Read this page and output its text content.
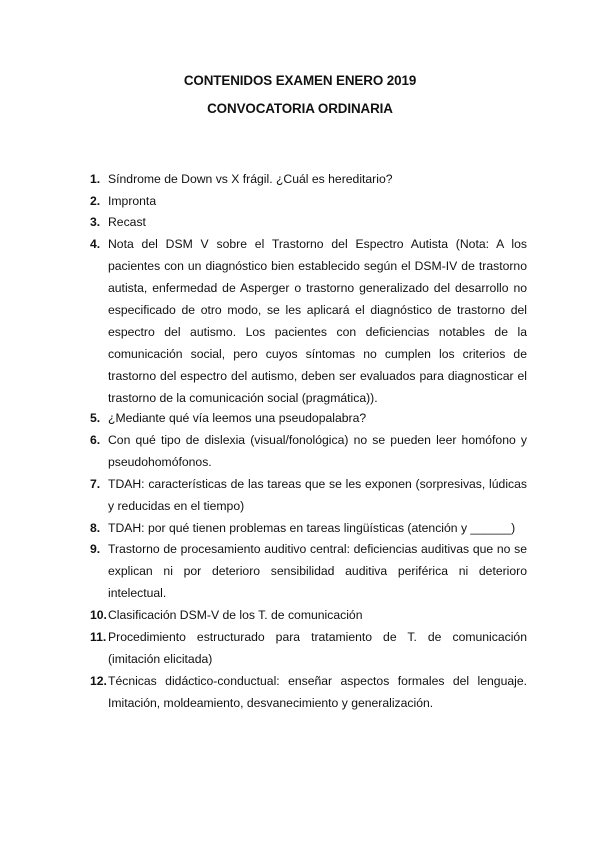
CONTENIDOS EXAMEN ENERO 2019
CONVOCATORIA ORDINARIA
1. Síndrome de Down vs X frágil. ¿Cuál es hereditario?
2. Impronta
3. Recast
4. Nota del DSM V sobre el Trastorno del Espectro Autista (Nota: A los pacientes con un diagnóstico bien establecido según el DSM-IV de trastorno autista, enfermedad de Asperger o trastorno generalizado del desarrollo no especificado de otro modo, se les aplicará el diagnóstico de trastorno del espectro del autismo. Los pacientes con deficiencias notables de la comunicación social, pero cuyos síntomas no cumplen los criterios de trastorno del espectro del autismo, deben ser evaluados para diagnosticar el trastorno de la comunicación social (pragmática)).
5. ¿Mediante qué vía leemos una pseudopalabra?
6. Con qué tipo de dislexia (visual/fonológica) no se pueden leer homófono y pseudohomófonos.
7. TDAH: características de las tareas que se les exponen (sorpresivas, lúdicas y reducidas en el tiempo)
8. TDAH: por qué tienen problemas en tareas lingüísticas (atención y ______)
9. Trastorno de procesamiento auditivo central: deficiencias auditivas que no se explican ni por deterioro sensibilidad auditiva periférica ni deterioro intelectual.
10. Clasificación DSM-V de los T. de comunicación
11. Procedimiento estructurado para tratamiento de T. de comunicación (imitación elicitada)
12. Técnicas didáctico-conductual: enseñar aspectos formales del lenguaje. Imitación, moldeamiento, desvanecimiento y generalización.
